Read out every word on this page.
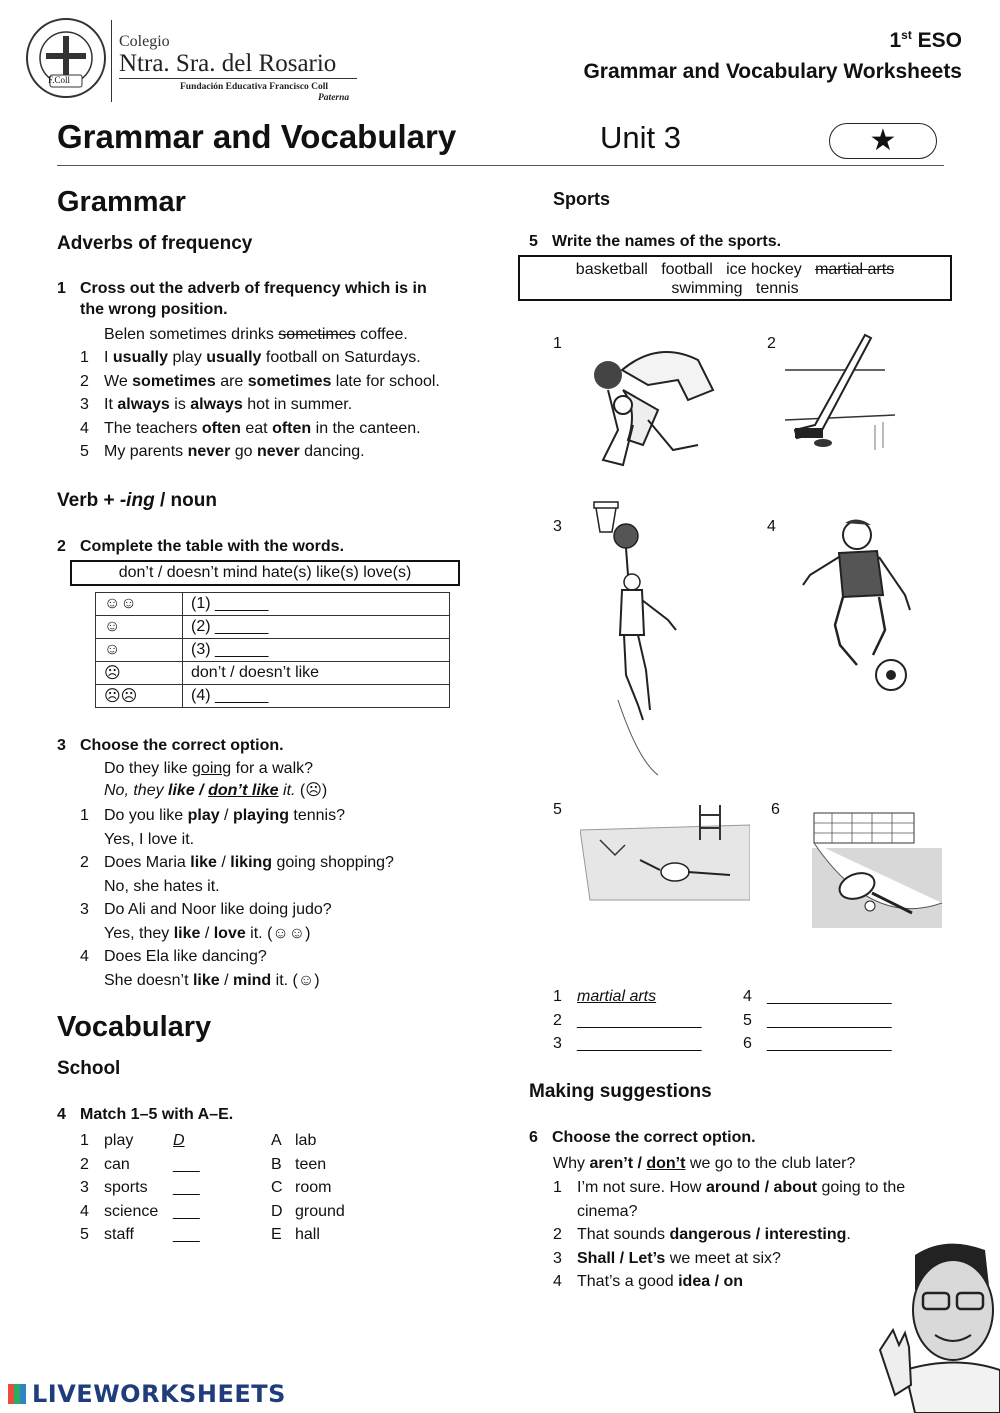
F.Coll
Colegio
Ntra. Sra. del Rosario
Fundación Educativa Francisco Coll
Paterna
1st ESO
Grammar and Vocabulary Worksheets
Grammar and Vocabulary	Unit 3	★
Grammar
Adverbs of frequency
1 Cross out the adverb of frequency which is in
the wrong position.
Belen sometimes drinks sometimes coffee.
1 I usually play usually football on Saturdays.
2 We sometimes are sometimes late for school.
3 It always is always hot in summer.
4 The teachers often eat often in the canteen.
5 My parents never go never dancing.
Verb + -ing / noun
2 Complete the table with the words.
don’t / doesn’t mind hate(s) like(s) love(s)
☺☺	(1) ______
☺	(2) ______
☺	(3) ______
☹	don’t / doesn’t like
☹☹	(4) ______
3 Choose the correct option.
Do they like going for a walk?
No, they like / don’t like it. (☹)
1 Do you like play / playing tennis?
Yes, I love it.
2 Does Maria like / liking going shopping?
No, she hates it.
3 Do Ali and Noor like doing judo?
Yes, they like / love it. (☺☺)
4 Does Ela like dancing?
She doesn’t like / mind it. (☺)
Vocabulary
School
4 Match 1–5 with A–E.
1 play D	A lab
2 can	___	B teen
3 sports ___	C room
4 science ___	D ground
5 staff ___	E hall
Sports
5 Write the names of the sports.
basketball football ice hockey martial arts
swimming tennis
1	2
3	4
5	6
1 martial arts	4 ______________
2 ______________	5 ______________
3 ______________	6 ______________
Making suggestions
6 Choose the correct option.
Why aren’t / don’t we go to the club later?
1 I’m not sure. How around / about going to the
cinema?
2 That sounds dangerous / interesting.
3 Shall / Let’s we meet at six?
4 That’s a good idea / on
LIVEWORKSHEETS
